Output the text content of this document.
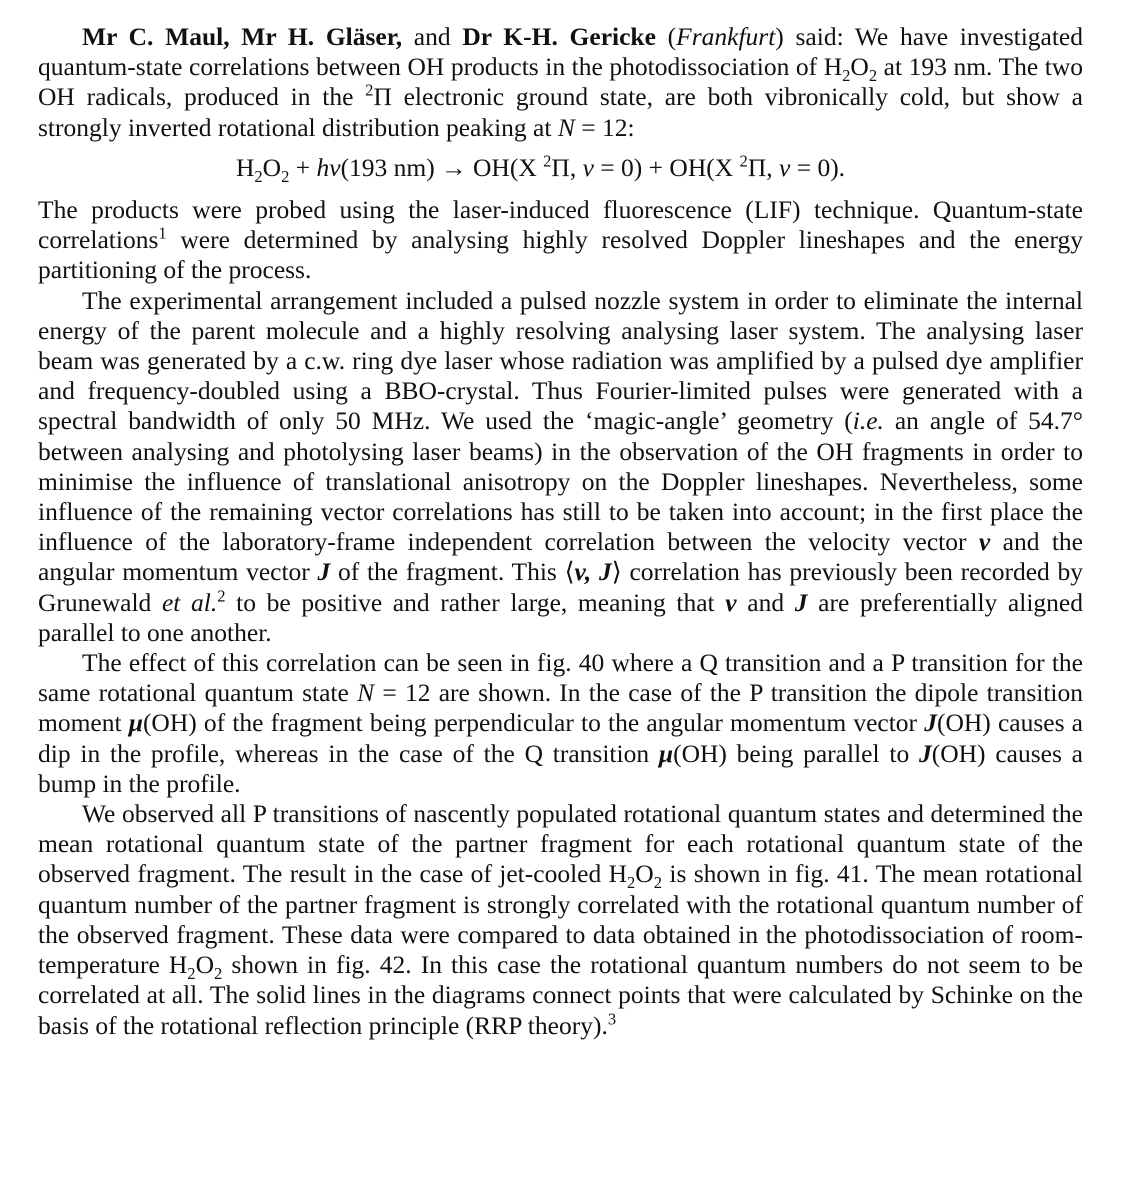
Mr C. Maul, Mr H. Gläser, and Dr K-H. Gericke (Frankfurt) said: We have investigated quantum-state correlations between OH products in the photodissociation of $H_2O_2$ at 193 nm. The two OH radicals, produced in the $^2$Π electronic ground state, are both vibronically cold, but show a strongly inverted rotational distribution peaking at N = 12:

$H_2O_2 + h\nu(193$ nm) → OH(X $^2$Π, v = 0) + OH(X $^2$Π, v = 0).

The products were probed using the laser-induced fluorescence (LIF) technique. Quantum-state correlations$^1$ were determined by analysing highly resolved Doppler lineshapes and the energy partitioning of the process.

The experimental arrangement included a pulsed nozzle system in order to eliminate the internal energy of the parent molecule and a highly resolving analysing laser system. The analysing laser beam was generated by a c.w. ring dye laser whose radiation was amplified by a pulsed dye amplifier and frequency-doubled using a BBO-crystal. Thus Fourier-limited pulses were generated with a spectral bandwidth of only 50 MHz. We used the ‘magic-angle’ geometry (i.e. an angle of 54.7° between analysing and photolysing laser beams) in the observation of the OH fragments in order to minimise the influence of translational anisotropy on the Doppler lineshapes. Nevertheless, some influence of the remaining vector correlations has still to be taken into account; in the first place the influence of the laboratory-frame independent correlation between the velocity vector v and the angular momentum vector J of the fragment. This ⟨v, J⟩ correlation has previously been recorded by Grunewald et al.$^2$ to be positive and rather large, meaning that v and J are preferentially aligned parallel to one another.

The effect of this correlation can be seen in fig. 40 where a Q transition and a P transition for the same rotational quantum state N = 12 are shown. In the case of the P transition the dipole transition moment μ(OH) of the fragment being perpendicular to the angular momentum vector J(OH) causes a dip in the profile, whereas in the case of the Q transition μ(OH) being parallel to J(OH) causes a bump in the profile.

We observed all P transitions of nascently populated rotational quantum states and determined the mean rotational quantum state of the partner fragment for each rotational quantum state of the observed fragment. The result in the case of jet-cooled $H_2O_2$ is shown in fig. 41. The mean rotational quantum number of the partner fragment is strongly correlated with the rotational quantum number of the observed fragment. These data were compared to data obtained in the photodissociation of room-temperature $H_2O_2$ shown in fig. 42. In this case the rotational quantum numbers do not seem to be correlated at all. The solid lines in the diagrams connect points that were calculated by Schinke on the basis of the rotational reflection principle (RRP theory).$^3$
